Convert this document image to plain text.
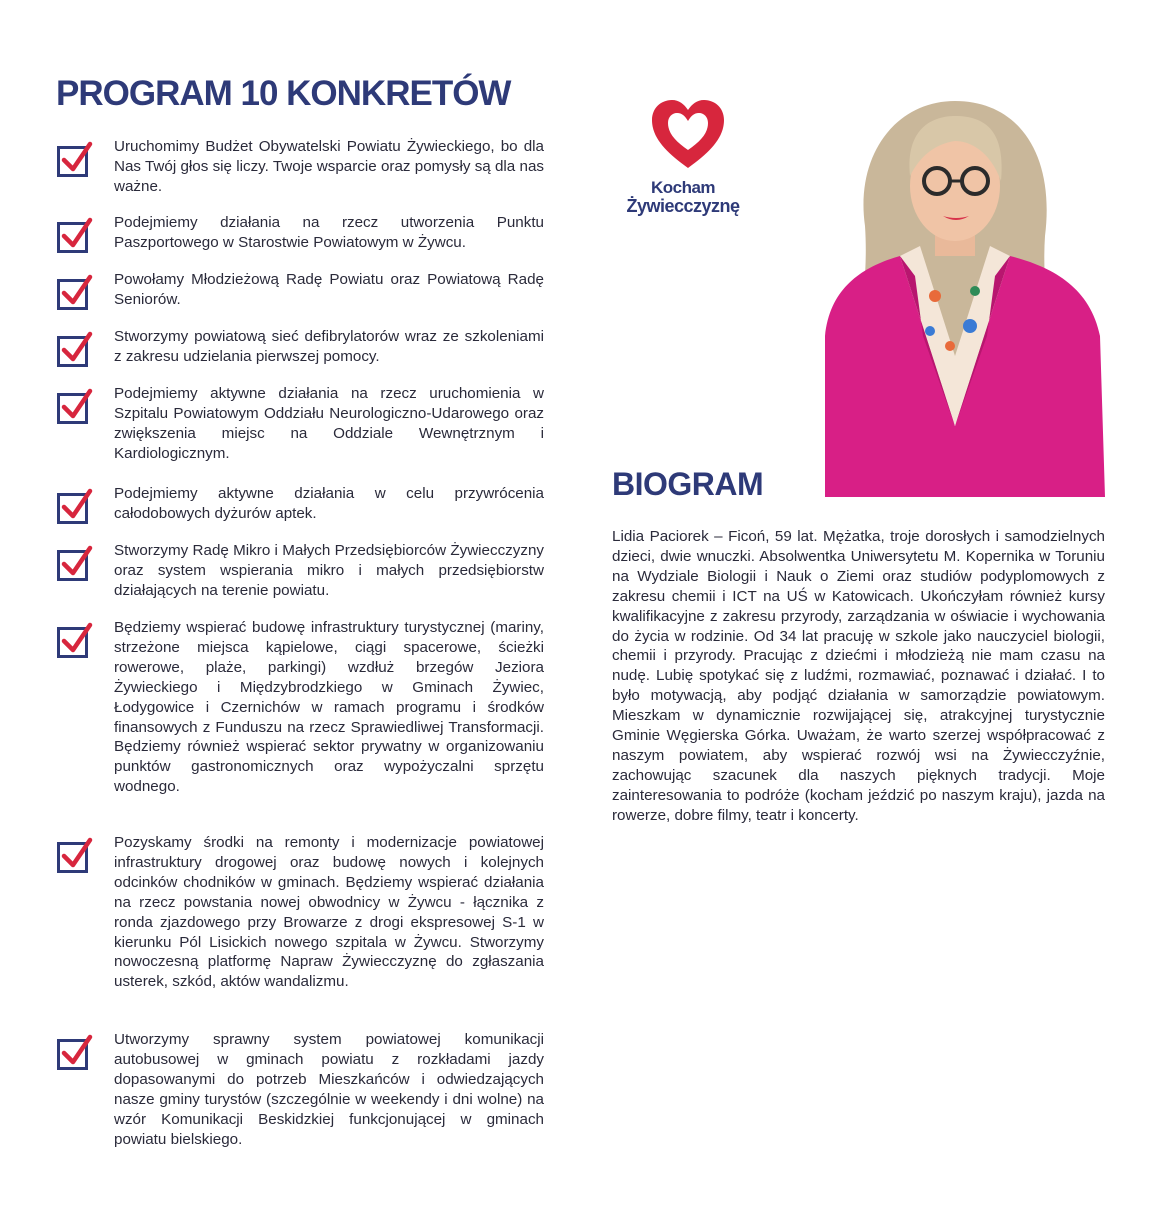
PROGRAM 10 KONKRETÓW

Uruchomimy Budżet Obywatelski Powiatu Żywieckiego, bo dla Nas Twój głos się liczy. Twoje wsparcie oraz pomysły są dla nas ważne.

Podejmiemy działania na rzecz utworzenia Punktu Paszportowego w Starostwie Powiatowym w Żywcu.

Powołamy Młodzieżową Radę Powiatu oraz Powiatową Radę Seniorów.

Stworzymy powiatową sieć defibrylatorów wraz ze szkoleniami z zakresu udzielania pierwszej pomocy.

Podejmiemy aktywne działania na rzecz uruchomienia w Szpitalu Powiatowym Oddziału Neurologiczno-Udarowego oraz zwiększenia miejsc na Oddziale Wewnętrznym i Kardiologicznym.

Podejmiemy aktywne działania w celu przywrócenia całodobowych dyżurów aptek.

Stworzymy Radę Mikro i Małych Przedsiębiorców Żywiecczyzny oraz system wspierania mikro i małych przedsiębiorstw działających na terenie powiatu.

Będziemy wspierać budowę infrastruktury turystycznej (mariny, strzeżone miejsca kąpielowe, ciągi spacerowe, ścieżki rowerowe, plaże, parkingi) wzdłuż brzegów Jeziora Żywieckiego i Międzybrodzkiego w Gminach Żywiec, Łodygowice i Czernichów w ramach programu i środków finansowych z Funduszu na rzecz Sprawiedliwej Transformacji. Będziemy również wspierać sektor prywatny w organizowaniu punktów gastronomicznych oraz wypożyczalni sprzętu wodnego.

Pozyskamy środki na remonty i modernizacje powiatowej infrastruktury drogowej oraz budowę nowych i kolejnych odcinków chodników w gminach. Będziemy wspierać działania na rzecz powstania nowej obwodnicy w Żywcu - łącznika z ronda zjazdowego przy Browarze z drogi ekspresowej S-1 w kierunku Pól Lisickich nowego szpitala w Żywcu. Stworzymy nowoczesną platformę Napraw Żywiecczyznę do zgłaszania usterek, szkód, aktów wandalizmu.

Utworzymy sprawny system powiatowej komunikacji autobusowej w gminach powiatu z rozkładami jazdy dopasowanymi do potrzeb Mieszkańców i odwiedzających nasze gminy turystów (szczególnie w weekendy i dni wolne) na wzór Komunikacji Beskidzkiej funkcjonującej w gminach powiatu bielskiego.

Kocham
Żywiecczyznę
BIOGRAM

Lidia Paciorek – Ficoń, 59 lat. Mężatka, troje dorosłych i samodzielnych dzieci, dwie wnuczki. Absolwentka Uniwersytetu M. Kopernika w Toruniu na Wydziale Biologii i Nauk o Ziemi oraz studiów podyplomowych z zakresu chemii i ICT na UŚ w Katowicach. Ukończyłam również kursy kwalifikacyjne z zakresu przyrody, zarządzania w oświacie i wychowania do życia w rodzinie. Od 34 lat pracuję w szkole jako nauczyciel biologii, chemii i przyrody. Pracując z dziećmi i młodzieżą nie mam czasu na nudę. Lubię spotykać się z ludźmi, rozmawiać, poznawać i działać. I to było motywacją, aby podjąć działania w samorządzie powiatowym. Mieszkam w dynamicznie rozwijającej się, atrakcyjnej turystycznie Gminie Węgierska Górka. Uważam, że warto szerzej współpracować z naszym powiatem, aby wspierać rozwój wsi na Żywiecczyźnie, zachowując szacunek dla naszych pięknych tradycji. Moje zainteresowania to podróże (kocham jeździć po naszym kraju), jazda na rowerze, dobre filmy, teatr i koncerty.
